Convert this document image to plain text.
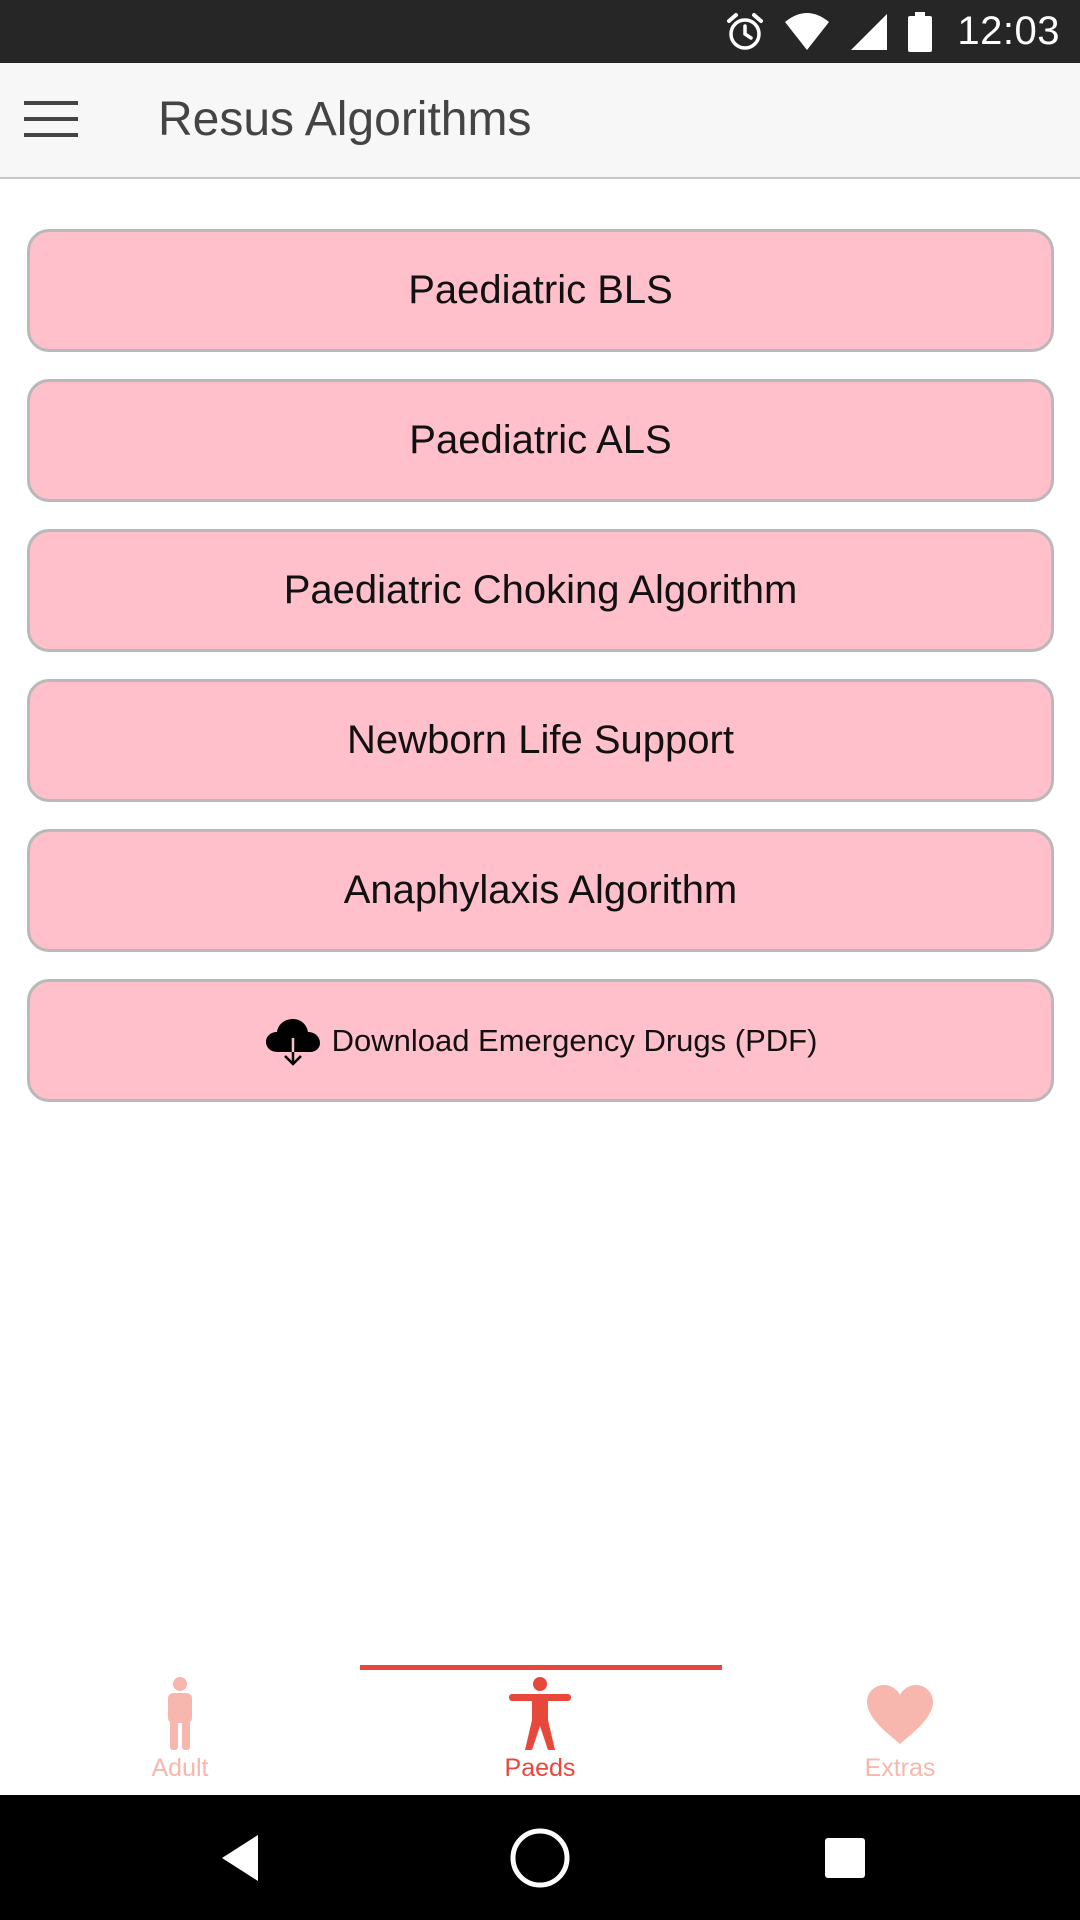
12:03
Resus Algorithms
Paediatric BLS
Paediatric ALS
Paediatric Choking Algorithm
Newborn Life Support
Anaphylaxis Algorithm
Download Emergency Drugs (PDF)
Adult	Paeds	Extras
